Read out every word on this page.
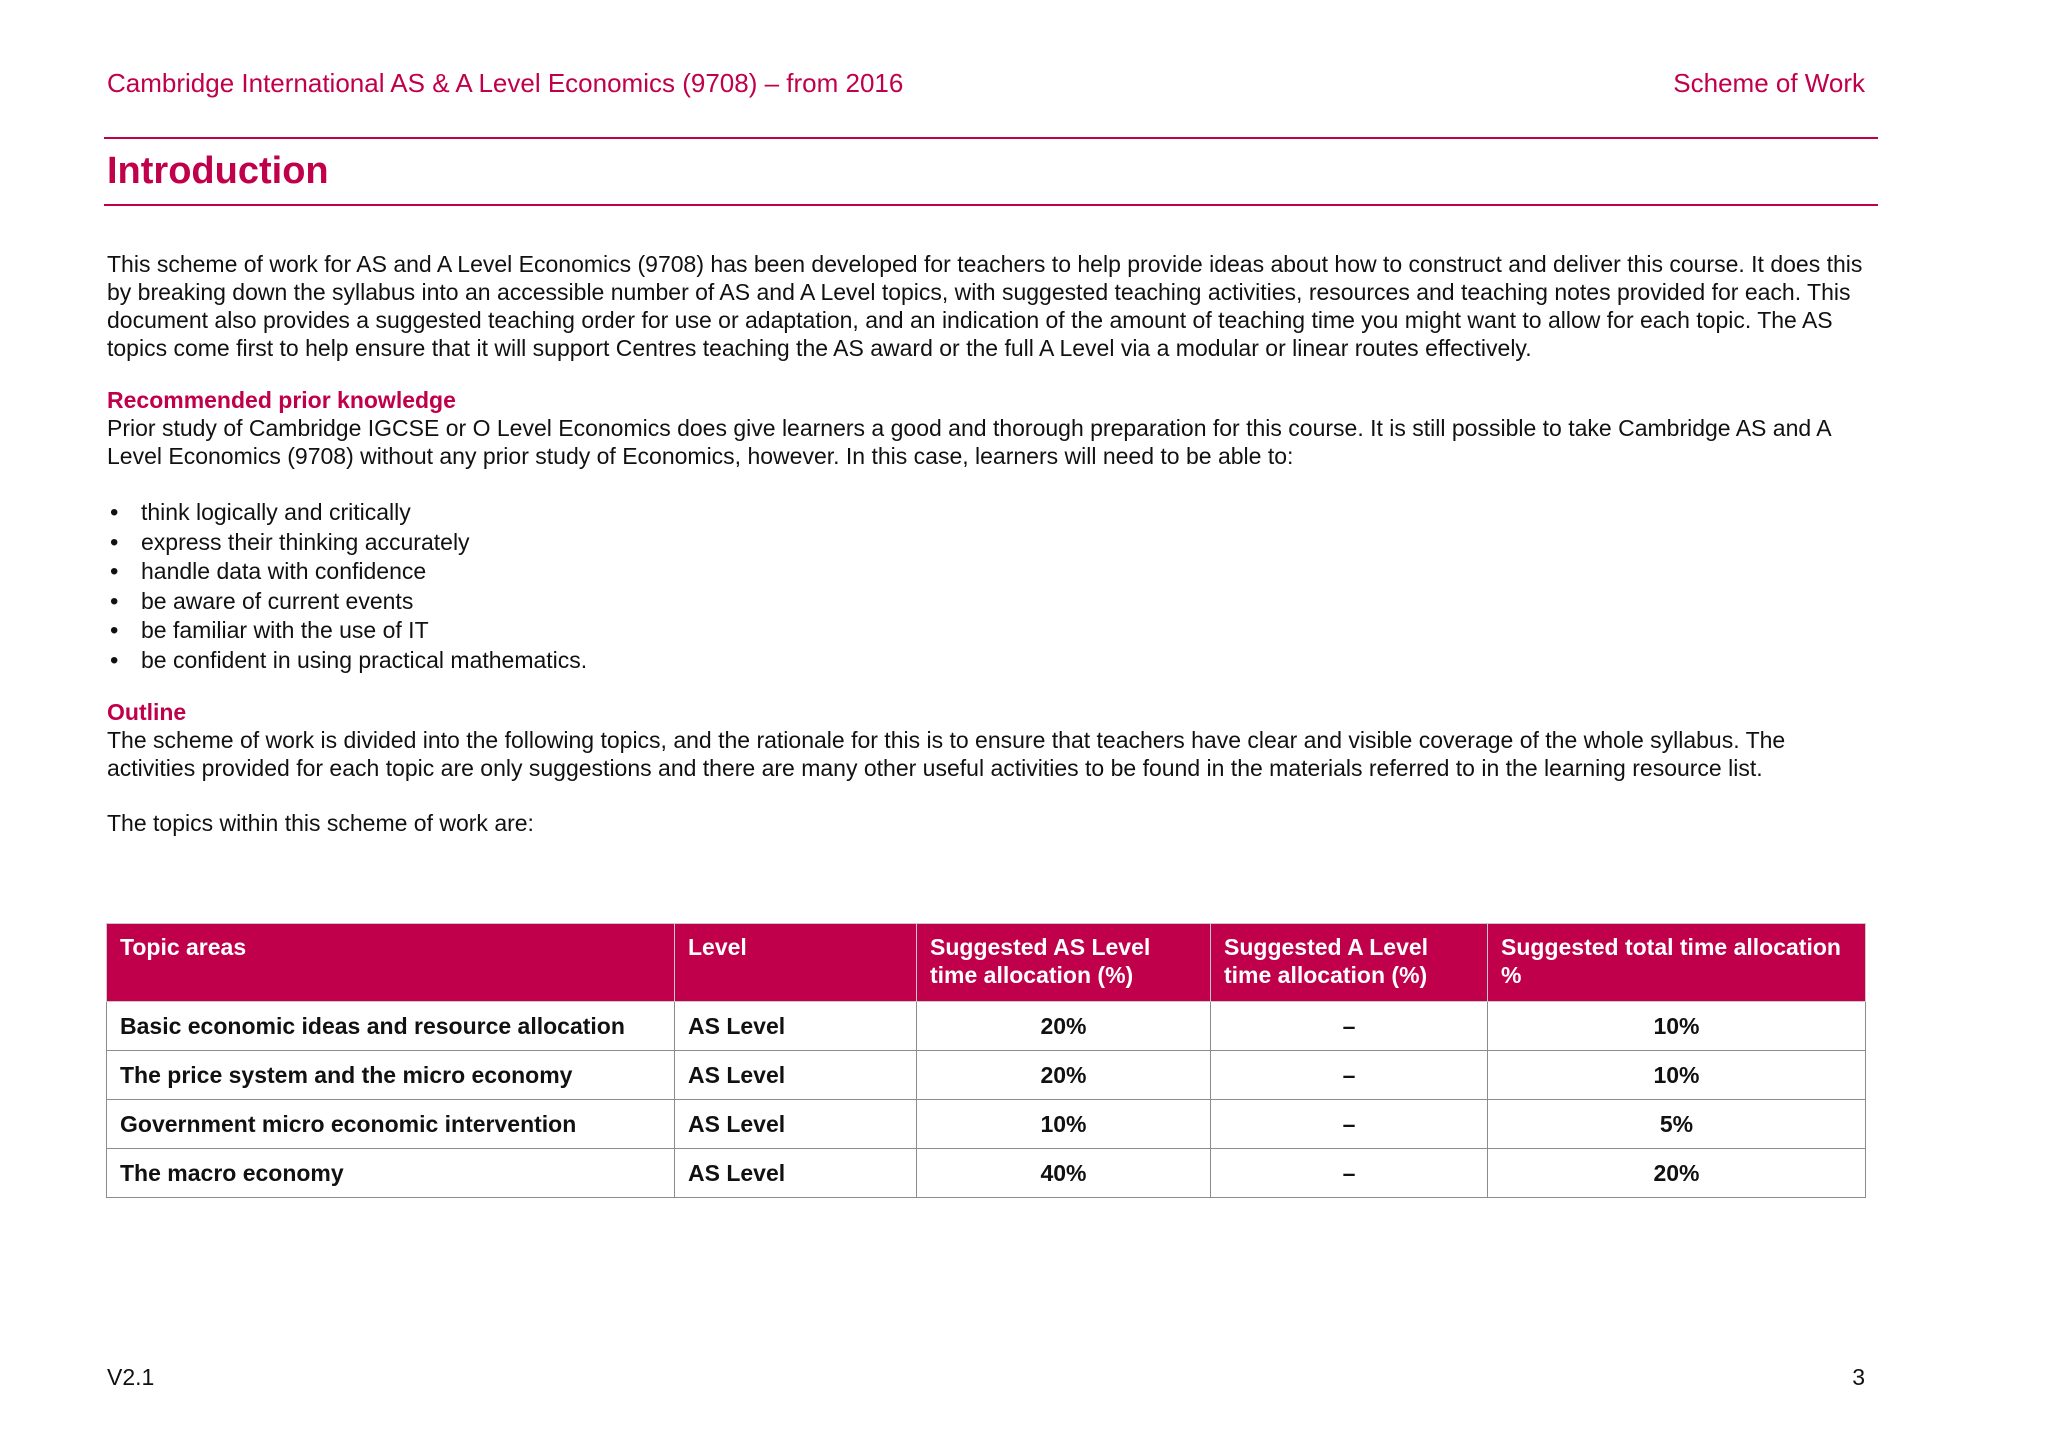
Cambridge International AS & A Level Economics (9708) – from 2016	Scheme of Work
Introduction

This scheme of work for AS and A Level Economics (9708) has been developed for teachers to help provide ideas about how to construct and deliver this course. It does this by breaking down the syllabus into an accessible number of AS and A Level topics, with suggested teaching activities, resources and teaching notes provided for each. This document also provides a suggested teaching order for use or adaptation, and an indication of the amount of teaching time you might want to allow for each topic. The AS topics come first to help ensure that it will support Centres teaching the AS award or the full A Level via a modular or linear routes effectively.

Recommended prior knowledge

Prior study of Cambridge IGCSE or O Level Economics does give learners a good and thorough preparation for this course. It is still possible to take Cambridge AS and A Level Economics (9708) without any prior study of Economics, however. In this case, learners will need to be able to:

• think logically and critically
• express their thinking accurately
• handle data with confidence
• be aware of current events
• be familiar with the use of IT
• be confident in using practical mathematics.

Outline

The scheme of work is divided into the following topics, and the rationale for this is to ensure that teachers have clear and visible coverage of the whole syllabus. The activities provided for each topic are only suggestions and there are many other useful activities to be found in the materials referred to in the learning resource list.

The topics within this scheme of work are:

Topic areas	Level	Suggested AS Level time allocation (%)	Suggested A Level time allocation (%)	Suggested total time allocation %
Basic economic ideas and resource allocation	AS Level	20%	–	10%
The price system and the micro economy	AS Level	20%	–	10%
Government micro economic intervention	AS Level	10%	–	5%
The macro economy	AS Level	40%	–	20%
V2.1	3
